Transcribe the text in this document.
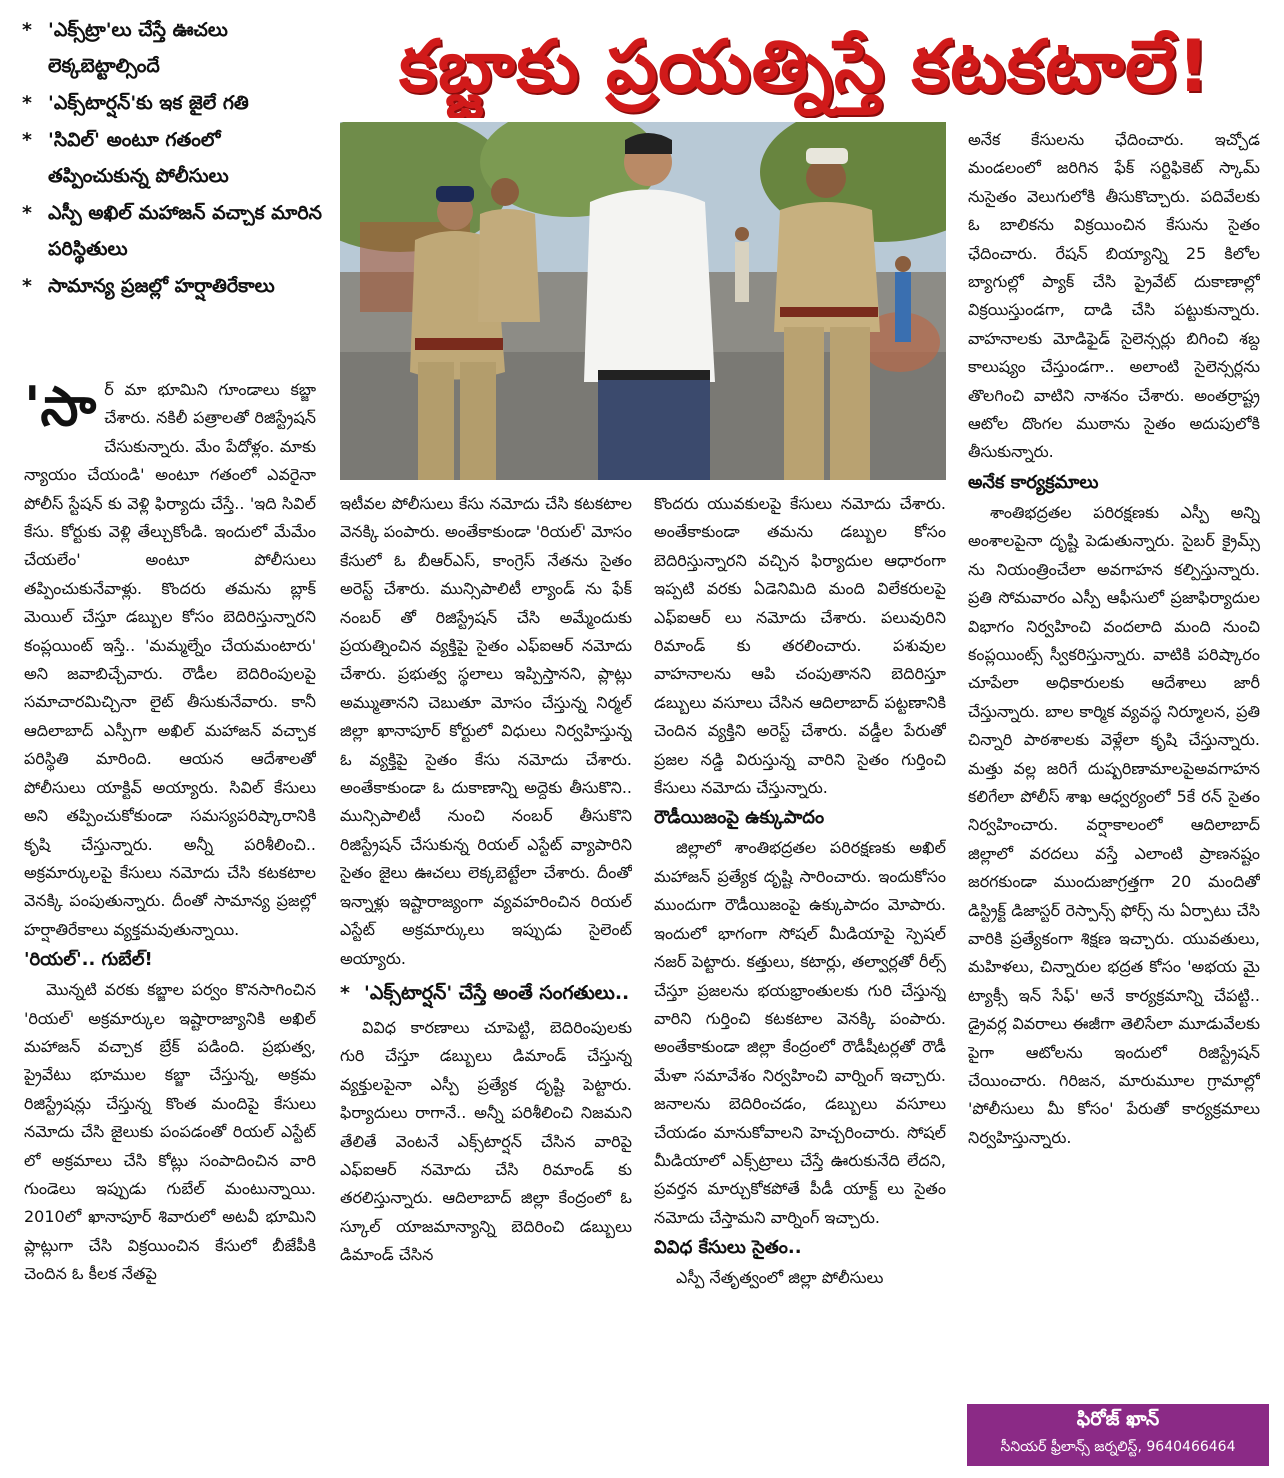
* 'ఎక్స్‌ట్రా'లు చేస్తే ఊచలు లెక్కబెట్టాల్సిందే
* 'ఎక్స్‌టార్షన్'కు ఇక జైలే గతి
* 'సివిల్' అంటూ గతంలో తప్పించుకున్న పోలీసులు
* ఎస్పీ అఖిల్ మహాజన్ వచ్చాక మారిన పరిస్థితులు
* సామాన్య ప్రజల్లో హర్షాతిరేకాలు
కబ్జాకు ప్రయత్నిస్తే కటకటాలే!

'సార్ మా భూమిని గూండాలు కబ్జా చేశారు. నకిలీ పత్రాలతో రిజిస్ట్రేషన్ చేసుకున్నారు. మేం పేదోళ్లం. మాకు న్యాయం చేయండి' అంటూ గతంలో ఎవరైనా పోలీస్ స్టేషన్ కు వెళ్లి ఫిర్యాదు చేస్తే.. 'ఇది సివిల్ కేసు. కోర్టుకు వెళ్లి తేల్చుకోండి. ఇందులో మేమేం చేయలేం' అంటూ పోలీసులు తప్పించుకునేవాళ్లు. కొందరు తమను బ్లాక్ మెయిల్ చేస్తూ డబ్బుల కోసం బెదిరిస్తున్నారని కంప్లయింట్ ఇస్తే.. 'మమ్మల్నేం చేయమంటారు' అని జవాబిచ్చేవారు. రౌడీల బెదిరింపులపై సమాచారమిచ్చినా లైట్ తీసుకునేవారు. కానీ ఆదిలాబాద్ ఎస్పీగా అఖిల్ మహాజన్ వచ్చాక పరిస్థితి మారింది. ఆయన ఆదేశాలతో పోలీసులు యాక్టివ్ అయ్యారు. సివిల్ కేసులు అని తప్పించుకోకుండా సమస్యపరిష్కారానికి కృషి చేస్తున్నారు. అన్నీ పరిశీలించి.. అక్రమార్కులపై కేసులు నమోదు చేసి కటకటాల వెనక్కి పంపుతున్నారు. దీంతో సామాన్య ప్రజల్లో హర్షాతిరేకాలు వ్యక్తమవుతున్నాయి.

'రియల్'.. గుబేల్!

మొన్నటి వరకు కబ్జాల పర్వం కొనసాగించిన 'రియల్' అక్రమార్కుల ఇష్టారాజ్యానికి అఖిల్ మహాజన్ వచ్చాక బ్రేక్ పడింది. ప్రభుత్వ, ప్రైవేటు భూముల కబ్జా చేస్తున్న, అక్రమ రిజిస్ట్రేషన్లు చేస్తున్న కొంత మందిపై కేసులు నమోదు చేసి జైలుకు పంపడంతో రియల్ ఎస్టేట్ లో అక్రమాలు చేసి కోట్లు సంపాదించిన వారి గుండెలు ఇప్పుడు గుబేల్ మంటున్నాయి. 2010లో ఖానాపూర్ శివారులో అటవీ భూమిని ప్లాట్లుగా చేసి విక్రయించిన కేసులో బీజేపీకి చెందిన ఓ కీలక నేతపై

ఇటీవల పోలీసులు కేసు నమోదు చేసి కటకటాల వెనక్కి పంపారు. అంతేకాకుండా 'రియల్' మోసం కేసులో ఓ బీఆర్ఎస్, కాంగ్రెస్ నేతను సైతం అరెస్ట్ చేశారు. మున్సిపాలిటీ ల్యాండ్ ను ఫేక్ నంబర్ తో రిజిస్ట్రేషన్ చేసి అమ్మేందుకు ప్రయత్నించిన వ్యక్తిపై సైతం ఎఫ్ఐఆర్ నమోదు చేశారు. ప్రభుత్వ స్థలాలు ఇప్పిస్తానని, ప్లాట్లు అమ్ముతానని చెబుతూ మోసం చేస్తున్న నిర్మల్ జిల్లా ఖానాపూర్ కోర్టులో విధులు నిర్వహిస్తున్న ఓ వ్యక్తిపై సైతం కేసు నమోదు చేశారు. అంతేకాకుండా ఓ దుకాణాన్ని అద్దెకు తీసుకొని.. మున్సిపాలిటీ నుంచి నంబర్ తీసుకొని రిజిస్ట్రేషన్ చేసుకున్న రియల్ ఎస్టేట్ వ్యాపారిని సైతం జైలు ఊచలు లెక్కబెట్టేలా చేశారు. దీంతో ఇన్నాళ్లు ఇష్టారాజ్యంగా వ్యవహరించిన రియల్ ఎస్టేట్ అక్రమార్కులు ఇప్పుడు సైలెంట్ అయ్యారు.

* 'ఎక్స్‌టార్షన్' చేస్తే అంతే సంగతులు..

వివిధ కారణాలు చూపెట్టి, బెదిరింపులకు గురి చేస్తూ డబ్బులు డిమాండ్ చేస్తున్న వ్యక్తులపైనా ఎస్పీ ప్రత్యేక దృష్టి పెట్టారు. ఫిర్యాదులు రాగానే.. అన్నీ పరిశీలించి నిజమని తేలితే వెంటనే ఎక్స్‌టార్షన్ చేసిన వారిపై ఎఫ్ఐఆర్ నమోదు చేసి రిమాండ్ కు తరలిస్తున్నారు. ఆదిలాబాద్ జిల్లా కేంద్రంలో ఓ స్కూల్ యాజమాన్యాన్ని బెదిరించి డబ్బులు డిమాండ్ చేసిన

కొందరు యువకులపై కేసులు నమోదు చేశారు. అంతేకాకుండా తమను డబ్బుల కోసం బెదిరిస్తున్నారని వచ్చిన ఫిర్యాదుల ఆధారంగా ఇప్పటి వరకు ఏడెనిమిది మంది విలేకరులపై ఎఫ్ఐఆర్ లు నమోదు చేశారు. పలువురిని రిమాండ్ కు తరలించారు. పశువుల వాహనాలను ఆపి చంపుతానని బెదిరిస్తూ డబ్బులు వసూలు చేసిన ఆదిలాబాద్ పట్టణానికి చెందిన వ్యక్తిని అరెస్ట్ చేశారు. వడ్డీల పేరుతో ప్రజల నడ్డి విరుస్తున్న వారిని సైతం గుర్తించి కేసులు నమోదు చేస్తున్నారు.

రౌడీయిజంపై ఉక్కుపాదం

జిల్లాలో శాంతిభద్రతల పరిరక్షణకు అఖిల్ మహాజన్ ప్రత్యేక దృష్టి సారించారు. ఇందుకోసం ముందుగా రౌడీయిజంపై ఉక్కుపాదం మోపారు. ఇందులో భాగంగా సోషల్ మీడియాపై స్పెషల్ నజర్ పెట్టారు. కత్తులు, కటార్లు, తల్వార్లతో రీల్స్ చేస్తూ ప్రజలను భయభ్రాంతులకు గురి చేస్తున్న వారిని గుర్తించి కటకటాల వెనక్కి పంపారు. అంతేకాకుండా జిల్లా కేంద్రంలో రౌడీషీటర్లతో రౌడీ మేళా సమావేశం నిర్వహించి వార్నింగ్ ఇచ్చారు. జనాలను బెదిరించడం, డబ్బులు వసూలు చేయడం మానుకోవాలని హెచ్చరించారు. సోషల్ మీడియాలో ఎక్స్‌ట్రాలు చేస్తే ఊరుకునేది లేదని, ప్రవర్తన మార్చుకోకపోతే పీడీ యాక్ట్ లు సైతం నమోదు చేస్తామని వార్నింగ్ ఇచ్చారు.

వివిధ కేసులు సైతం..

ఎస్పీ నేతృత్వంలో జిల్లా పోలీసులు

అనేక కేసులను ఛేదించారు. ఇచ్చోడ మండలంలో జరిగిన ఫేక్ సర్టిఫికెట్ స్కామ్ నుసైతం వెలుగులోకి తీసుకొచ్చారు. పదివేలకు ఓ బాలికను విక్రయించిన కేసును సైతం ఛేదించారు. రేషన్ బియ్యాన్ని 25 కిలోల బ్యాగుల్లో ప్యాక్ చేసి ప్రైవేట్ దుకాణాల్లో విక్రయిస్తుండగా, దాడి చేసి పట్టుకున్నారు. వాహనాలకు మోడిఫైడ్ సైలెన్సర్లు బిగించి శబ్ద కాలుష్యం చేస్తుండగా.. అలాంటి సైలెన్సర్లను తొలగించి వాటిని నాశనం చేశారు. అంతర్రాష్ట్ర ఆటోల దొంగల ముఠాను సైతం అదుపులోకి తీసుకున్నారు.

అనేక కార్యక్రమాలు

శాంతిభద్రతల పరిరక్షణకు ఎస్పీ అన్ని అంశాలపైనా దృష్టి పెడుతున్నారు. సైబర్ క్రైమ్స్ ను నియంత్రించేలా అవగాహన కల్పిస్తున్నారు. ప్రతి సోమవారం ఎస్పీ ఆఫీసులో ప్రజాఫిర్యాదుల విభాగం నిర్వహించి వందలాది మంది నుంచి కంప్లయింట్స్ స్వీకరిస్తున్నారు. వాటికి పరిష్కారం చూపేలా అధికారులకు ఆదేశాలు జారీ చేస్తున్నారు. బాల కార్మిక వ్యవస్థ నిర్మూలన, ప్రతి చిన్నారి పాఠశాలకు వెళ్లేలా కృషి చేస్తున్నారు. మత్తు వల్ల జరిగే దుష్పరిణామాలపైఅవగాహన కలిగేలా పోలీస్ శాఖ ఆధ్వర్యంలో 5కే రన్ సైతం నిర్వహించారు. వర్షాకాలంలో ఆదిలాబాద్ జిల్లాలో వరదలు వస్తే ఎలాంటి ప్రాణనష్టం జరగకుండా ముందుజాగ్రత్తగా 20 మందితో డిస్ట్రిక్ట్ డిజాస్టర్ రెస్పాన్స్ ఫోర్స్ ను ఏర్పాటు చేసి వారికి ప్రత్యేకంగా శిక్షణ ఇచ్చారు. యువతులు, మహిళలు, చిన్నారుల భద్రత కోసం 'అభయ మై ట్యాక్సీ ఇన్ సేఫ్' అనే కార్యక్రమాన్ని చేపట్టి.. డ్రైవర్ల వివరాలు ఈజీగా తెలిసేలా మూడువేలకు పైగా ఆటోలను ఇందులో రిజిస్ట్రేషన్ చేయించారు. గిరిజన, మారుమూల గ్రామాల్లో 'పోలీసులు మీ కోసం' పేరుతో కార్యక్రమాలు నిర్వహిస్తున్నారు.

ఫిరోజ్ ఖాన్
సీనియర్ ఫ్రీలాన్స్ జర్నలిస్ట్, 9640466464
